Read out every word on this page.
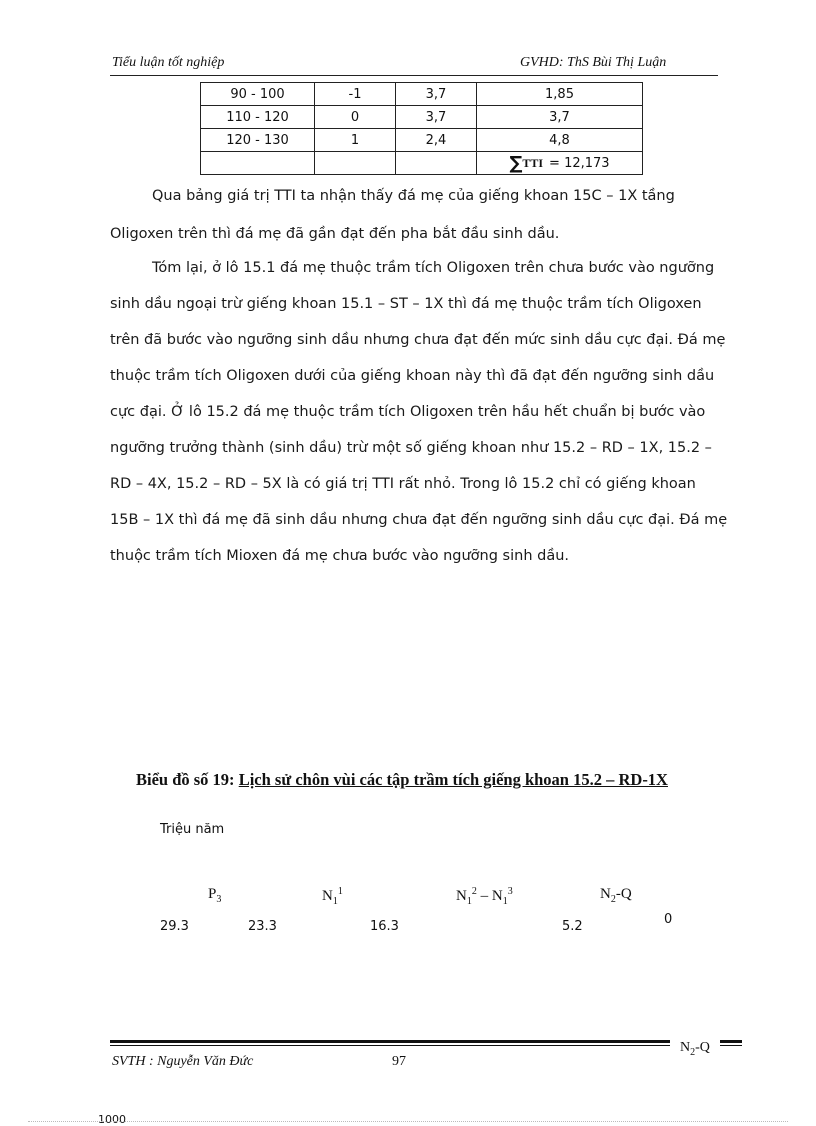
Tiểu luận tốt nghiệp	GVHD: ThS Bùi Thị Luận
90 - 100	-1	3,7	1,85
110 - 120	0	3,7	3,7
120 - 130	1	2,4	4,8
			∑TTI = 12,173
Qua bảng giá trị TTI ta nhận thấy đá mẹ của giếng khoan 15C – 1X tầng
Oligoxen trên thì đá mẹ đã gần đạt đến pha bắt đầu sinh dầu.
Tóm lại, ở lô 15.1 đá mẹ thuộc trầm tích Oligoxen trên chưa bước vào ngưỡng
sinh dầu ngoại trừ giếng khoan 15.1 – ST – 1X thì đá mẹ thuộc trầm tích Oligoxen
trên đã bước vào ngưỡng sinh dầu nhưng chưa đạt đến mức sinh dầu cực đại. Đá mẹ
thuộc trầm tích Oligoxen dưới của giếng khoan này thì đã đạt đến ngưỡng sinh dầu
cực đại. Ở lô 15.2 đá mẹ thuộc trầm tích Oligoxen trên hầu hết chuẩn bị bước vào
ngưỡng trưởng thành (sinh dầu) trừ một số giếng khoan như 15.2 – RD – 1X, 15.2 –
RD – 4X, 15.2 – RD – 5X là có giá trị TTI rất nhỏ. Trong lô 15.2 chỉ có giếng khoan
15B – 1X thì đá mẹ đã sinh dầu nhưng chưa đạt đến ngưỡng sinh dầu cực đại. Đá mẹ
thuộc trầm tích Mioxen đá mẹ chưa bước vào ngưỡng sinh dầu.
Biểu đồ số 19: Lịch sử chôn vùi các tập trầm tích giếng khoan 15.2 – RD-1X
Triệu năm
$P_3$	$N_1^1$	$N_1^2 - N_1^3$	$N_2-Q$
29.3	23.3	16.3	5.2	0
$N_2-Q$
SVTH : Nguyễn Văn Đức	97
1000
